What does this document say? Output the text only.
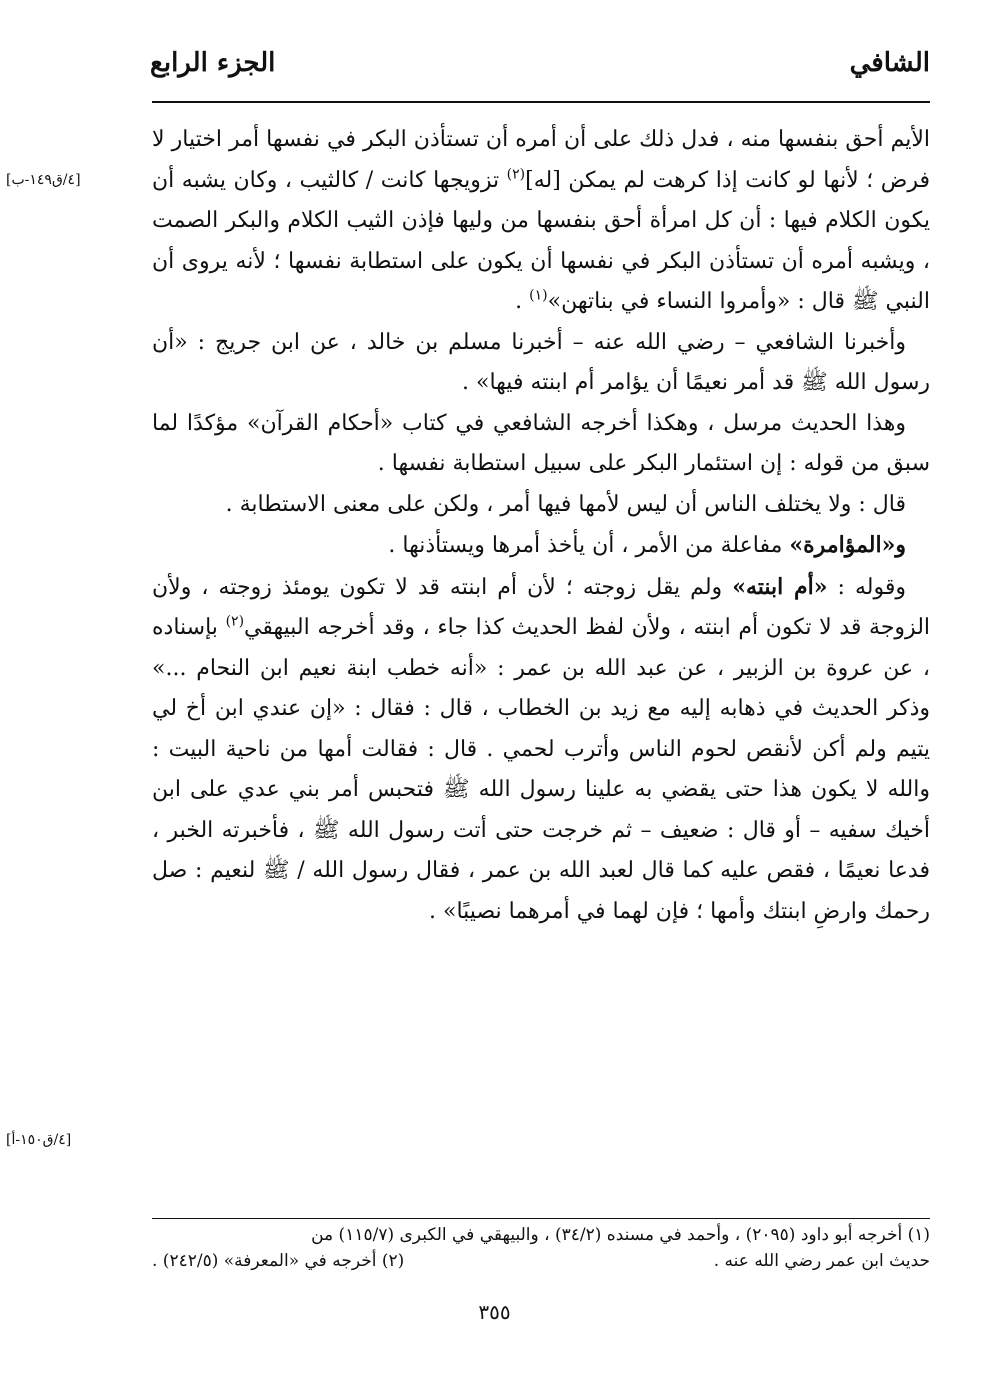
الشافي
الجزء الرابع
[٤/ق١٤٩-ب]
[٤/ق١٥٠-أ]

الأيم أحق بنفسها منه ، فدل ذلك على أن أمره أن تستأذن البكر في نفسها أمر اختيار لا فرض ؛ لأنها لو كانت إذا كرهت لم يمكن [له]$^{(٢)}$ تزويجها كانت / كالثيب ، وكان يشبه أن يكون الكلام فيها : أن كل امرأة أحق بنفسها من وليها فإذن الثيب الكلام والبكر الصمت ، ويشبه أمره أن تستأذن البكر في نفسها أن يكون على استطابة نفسها ؛ لأنه يروى أن النبي ﷺ قال : «وأمروا النساء في بناتهن»$^{(١)}$ .

وأخبرنا الشافعي – رضي الله عنه – أخبرنا مسلم بن خالد ، عن ابن جريج : «أن رسول الله ﷺ قد أمر نعيمًا أن يؤامر أم ابنته فيها» .

وهذا الحديث مرسل ، وهكذا أخرجه الشافعي في كتاب «أحكام القرآن» مؤكدًا لما سبق من قوله : إن استئمار البكر على سبيل استطابة نفسها .

قال : ولا يختلف الناس أن ليس لأمها فيها أمر ، ولكن على معنى الاستطابة .

و«المؤامرة» مفاعلة من الأمر ، أن يأخذ أمرها ويستأذنها .

وقوله : «أم ابنته» ولم يقل زوجته ؛ لأن أم ابنته قد لا تكون يومئذ زوجته ، ولأن الزوجة قد لا تكون أم ابنته ، ولأن لفظ الحديث كذا جاء ، وقد أخرجه البيهقي$^{(٢)}$ بإسناده ، عن عروة بن الزبير ، عن عبد الله بن عمر : «أنه خطب ابنة نعيم ابن النحام ...» وذكر الحديث في ذهابه إليه مع زيد بن الخطاب ، قال : فقال : «إن عندي ابن أخ لي يتيم ولم أكن لأنقص لحوم الناس وأترب لحمي . قال : فقالت أمها من ناحية البيت : والله لا يكون هذا حتى يقضي به علينا رسول الله ﷺ فتحبس أمر بني عدي على ابن أخيك سفيه – أو قال : ضعيف – ثم خرجت حتى أتت رسول الله ﷺ ، فأخبرته الخبر ، فدعا نعيمًا ، فقص عليه كما قال لعبد الله بن عمر ، فقال رسول الله / ﷺ لنعيم : صل رحمك وارضِ ابنتك وأمها ؛ فإن لهما في أمرهما نصيبًا» .

(١) أخرجه أبو داود (٢٠٩٥) ، وأحمد في مسنده (٣٤/٢) ، والبيهقي في الكبرى (١١٥/٧) من

حديث ابن عمر رضي الله عنه .
(٢) أخرجه في «المعرفة» (٢٤٢/٥) .
٣٥٥
